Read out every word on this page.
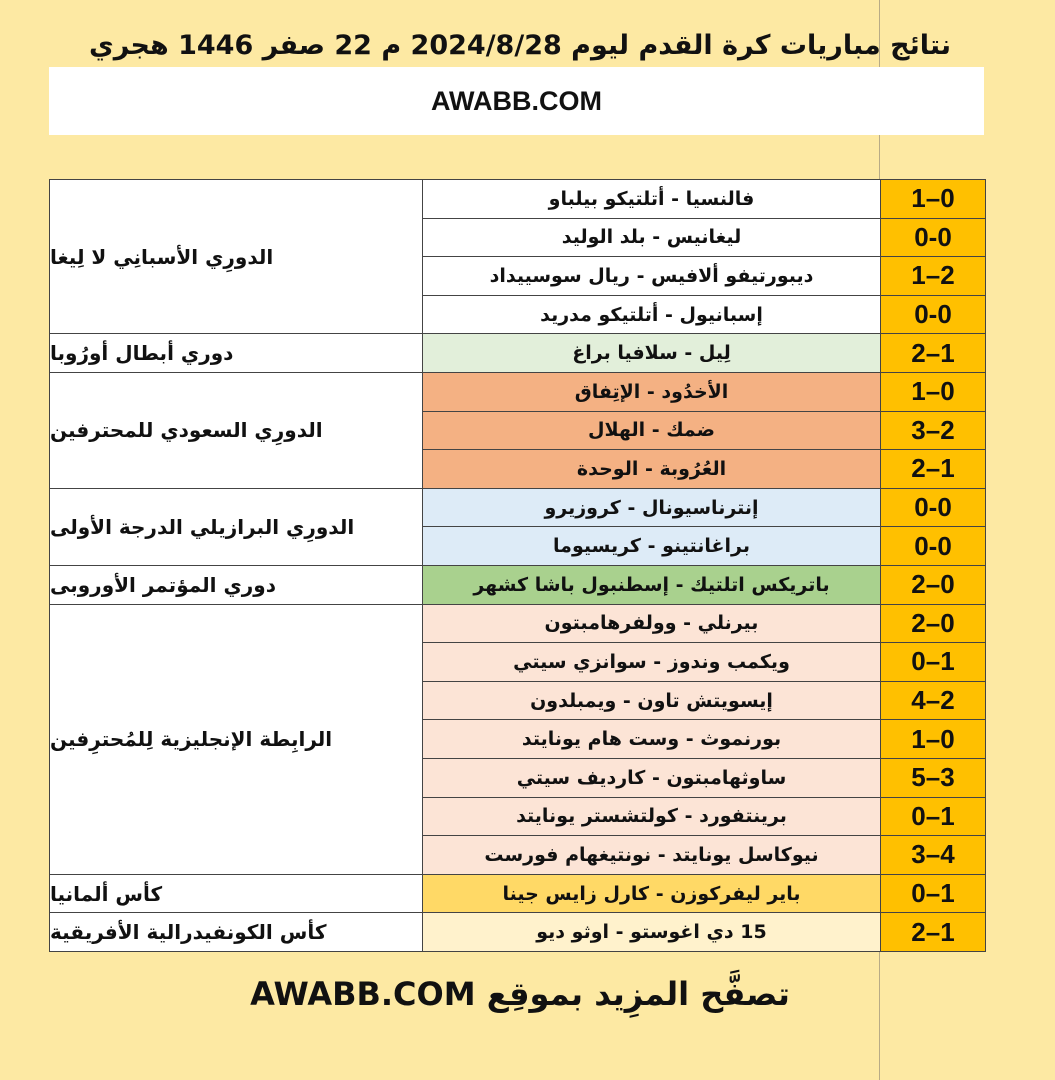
نتائج مباريات كرة القدم ليوم 2024/8/28 م 22 صفر 1446 هجري
AWABB.COM
الدورِي الأسبانِي لا لِيغا
فالنسيا - أتلتيكو بيلباو	1–0
ليغانيس - بلد الوليد	0-0
ديبورتيفو ألافيس - ريال سوسييداد	1–2
إسبانيول - أتلتيكو مدريد	0-0
دوري أبطال أورُوبا	لِيل - سلافيا براغ	2–1
الدورِي السعودي للمحترفين
الأخدُود - الإتِفاق	1–0
ضمك - الهلال	3–2
العُرُوبة - الوحدة	2–1
الدورِي البرازيلي الدرجة الأولى
إنترناسيونال - كروزيرو	0-0
براغانتينو - كريسيوما	0-0
دوري المؤتمر الأوروبى	باتريكس اتلتيك - إسطنبول باشا كشهر	2–0
الرابِطة الإنجليزية لِلمُحترِفين
بيرنلي - وولفرهامبتون	2–0
ويكمب وندوز - سوانزي سيتي	0–1
إيسويتش تاون - ويمبلدون	4–2
بورنموث - وست هام يونايتد	1–0
ساوثهامبتون - كارديف سيتي	5–3
برينتفورد - كولتشستر يونايتد	0–1
نيوكاسل يونايتد - نونتيغهام فورست	3–4
كأس ألمانيا	باير ليفركوزن - كارل زايس جينا	0–1
كأس الكونفيدرالية الأفريقية	15 دي اغوستو - اوثو ديو	2–1
تصفَّح المزِيد بموقِع AWABB.COM
